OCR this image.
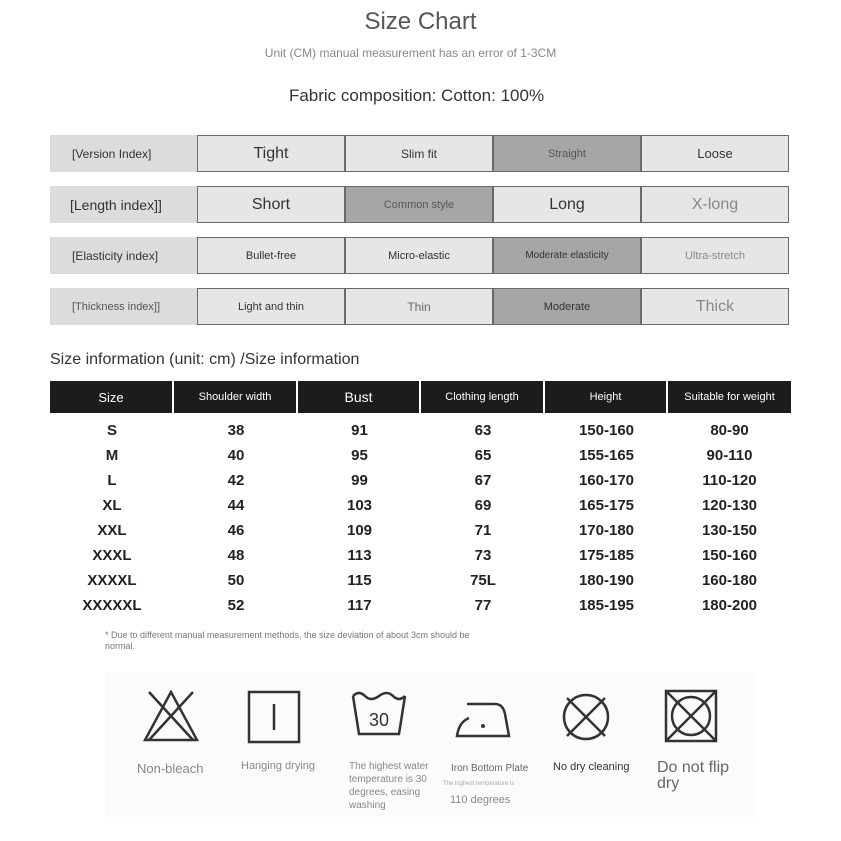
Size Chart
Unit (CM) manual measurement has an error of 1-3CM
Fabric composition: Cotton: 100%
[Version Index]	Tight	Slim fit	Straight	Loose
[Length index]]	Short	Common style	Long	X-long
[Elasticity index]	Bullet-free	Micro-elastic	Moderate elasticity	Ultra-stretch
[Thickness index]]	Light and thin	Thin	Moderate	Thick
Size information (unit: cm) /Size information
Size	Shoulder width	Bust	Clothing length	Height	Suitable for weight
S	38	91	63	150-160	80-90
M	40	95	65	155-165	90-110
L	42	99	67	160-170	110-120
XL	44	103	69	165-175	120-130
XXL	46	109	71	170-180	130-150
XXXL	48	113	73	175-185	150-160
XXXXL	50	115	75L	180-190	160-180
XXXXXL	52	117	77	185-195	180-200
* Due to different manual measurement methods, the size deviation of about 3cm should be normal.
Non-bleach	Hanging drying
30
The highest water temperature is 30 degrees, easing washing
Iron Bottom Plate
The highest temperature is
110 degrees
No dry cleaning Do not flip dry
